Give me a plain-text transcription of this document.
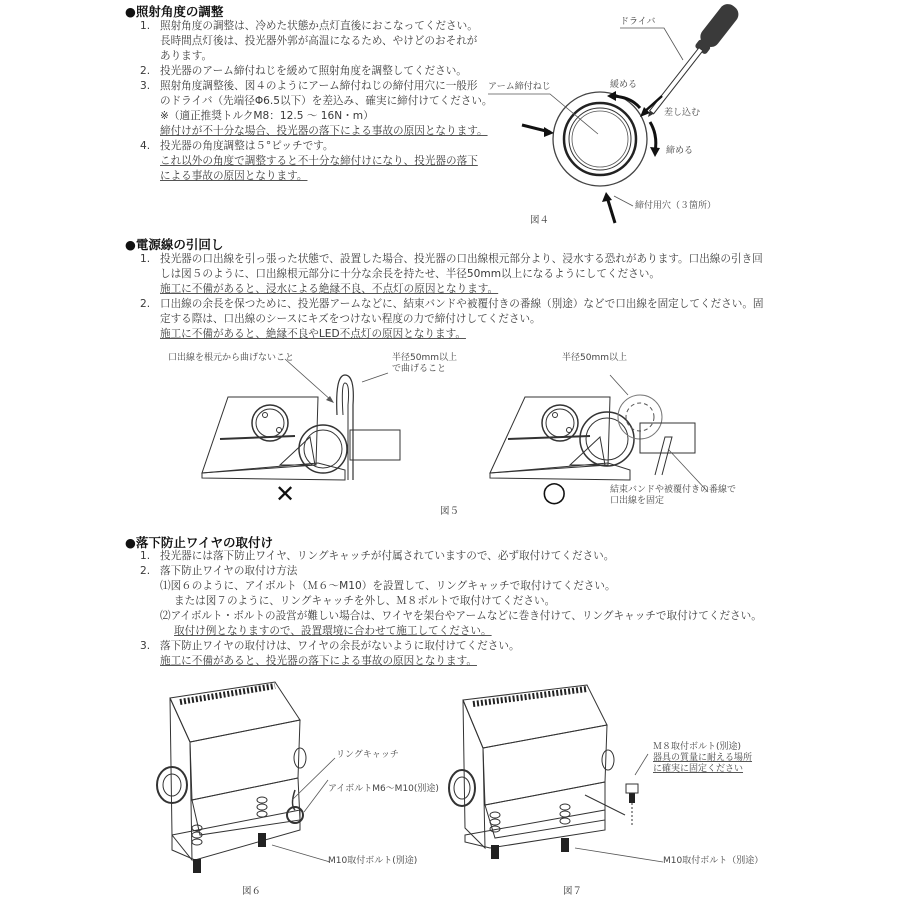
●照射角度の調整
1. 照射角度の調整は、冷めた状態か点灯直後におこなってください。
長時間点灯後は、投光器外郭が高温になるため、やけどのおそれが
あります。
2. 投光器のアーム締付ねじを緩めて照射角度を調整してください。
3. 照射角度調整後、図４のようにアーム締付ねじの締付用穴に一般形
のドライバ（先端径Φ6.5以下）を差込み、確実に締付けてください。
※（適正推奨トルクM8：12.5 ～ 16N・m）
締付けが不十分な場合、投光器の落下による事故の原因となります。
4. 投光器の角度調整は５°ピッチです。
これ以外の角度で調整すると不十分な締付けになり、投光器の落下
による事故の原因となります。
ドライバ
アーム締付ねじ	緩める
差し込む
締める
締付用穴（３箇所）
図４
●電源線の引回し
1. 投光器の口出線を引っ張った状態で、設置した場合、投光器の口出線根元部分より、浸水する恐れがあります。口出線の引き回
しは図５のように、口出線根元部分に十分な余長を持たせ、半径50mm以上になるようにしてください。
施工に不備があると、浸水による絶縁不良、不点灯の原因となります。
2. 口出線の余長を保つために、投光器アームなどに、結束バンドや被覆付きの番線（別途）などで口出線を固定してください。固
定する際は、口出線のシースにキズをつけない程度の力で締付けしてください。
施工に不備があると、絶縁不良やLED不点灯の原因となります。
口出線を根元から曲げないこと	半径50mm以上
で曲げること
半径50mm以上
結束バンドや被覆付きの番線で
口出線を固定
✕	○
図５
●落下防止ワイヤの取付け
1. 投光器には落下防止ワイヤ、リングキャッチが付属されていますので、必ず取付けてください。
2. 落下防止ワイヤの取付け方法
⑴図６のように、アイボルト（Ｍ６～M10）を設置して、リングキャッチで取付けてください。
または図７のように、リングキャッチを外し、Ｍ８ボルトで取付けてください。
⑵アイボルト・ボルトの設営が難しい場合は、ワイヤを架台やアームなどに巻き付けて、リングキャッチで取付けてください。
取付け例となりますので、設置環境に合わせて施工してください。
3. 落下防止ワイヤの取付けは、ワイヤの余長がないように取付けてください。
施工に不備があると、投光器の落下による事故の原因となります。
リングキャッチ
アイボルトM6～M10(別途)
M10取付ボルト(別途)
図６
Ｍ８取付ボルト(別途)
器具の質量に耐える場所
に確実に固定ください
M10取付ボルト（別途）
図７
